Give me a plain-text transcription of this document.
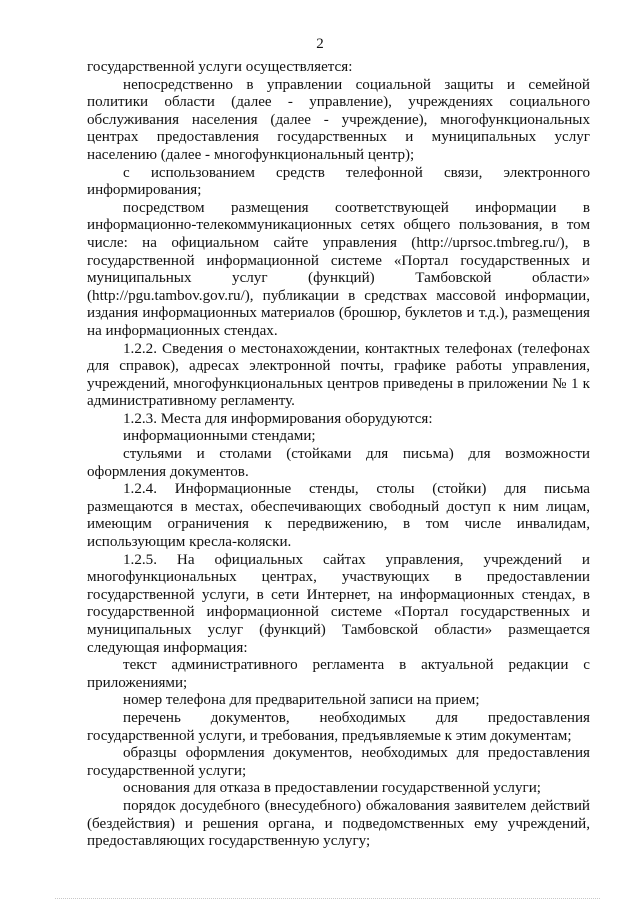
2

государственной услуги осуществляется:

непосредственно в управлении социальной защиты и семейной политики области (далее - управление), учреждениях социального обслуживания населения (далее - учреждение), многофункциональных центрах предоставления государственных и муниципальных услуг населению (далее - многофункциональный центр);

с использованием средств телефонной связи, электронного информирования;

посредством размещения соответствующей информации в информационно-телекоммуникационных сетях общего пользования, в том числе: на официальном сайте управления (http://uprsoc.tmbreg.ru/), в государственной информационной системе «Портал государственных и муниципальных услуг (функций) Тамбовской области» (http://pgu.tambov.gov.ru/), публикации в средствах массовой информации, издания информационных материалов (брошюр, буклетов и т.д.), размещения на информационных стендах.

1.2.2. Сведения о местонахождении, контактных телефонах (телефонах для справок), адресах электронной почты, графике работы управления, учреждений, многофункциональных центров приведены в приложении № 1 к административному регламенту.

1.2.3. Места для информирования оборудуются:

информационными стендами;

стульями и столами (стойками для письма) для возможности оформления документов.

1.2.4. Информационные стенды, столы (стойки) для письма размещаются в местах, обеспечивающих свободный доступ к ним лицам, имеющим ограничения к передвижению, в том числе инвалидам, использующим кресла-коляски.

1.2.5. На официальных сайтах управления, учреждений и многофункциональных центрах, участвующих в предоставлении государственной услуги, в сети Интернет, на информационных стендах, в государственной информационной системе «Портал государственных и муниципальных услуг (функций) Тамбовской области» размещается следующая информация:

текст административного регламента в актуальной редакции с приложениями;

номер телефона для предварительной записи на прием;

перечень документов, необходимых для предоставления государственной услуги, и требования, предъявляемые к этим документам;

образцы оформления документов, необходимых для предоставления государственной услуги;

основания для отказа в предоставлении государственной услуги;

порядок досудебного (внесудебного) обжалования заявителем действий (бездействия) и решения органа, и подведомственных ему учреждений, предоставляющих государственную услугу;
